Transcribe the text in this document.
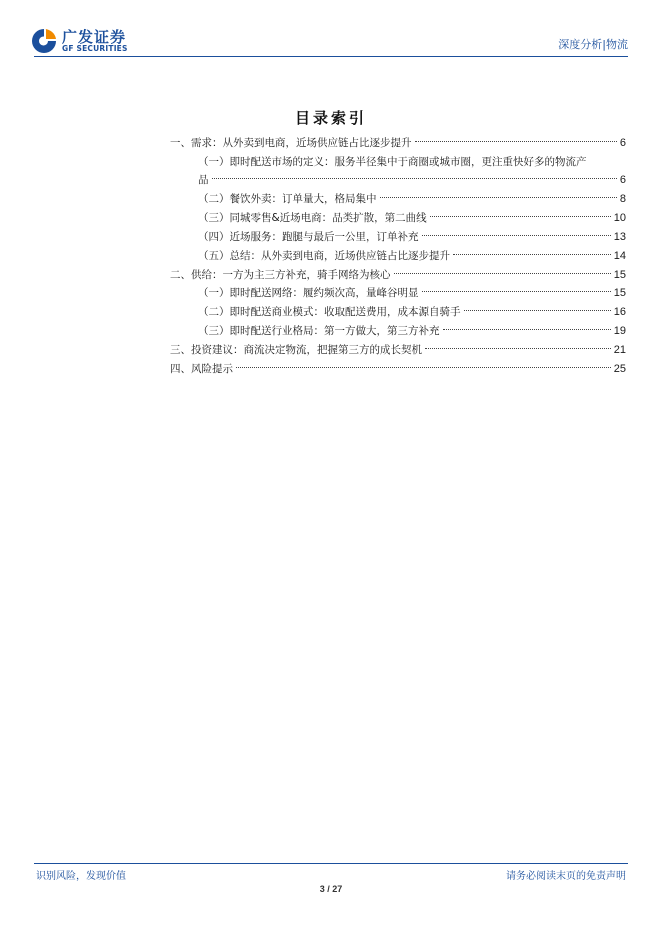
广发证券
GF SECURITIES	深度分析|物流
目录索引
一、需求：从外卖到电商，近场供应链占比逐步提升	6
（一）即时配送市场的定义：服务半径集中于商圈或城市圈，更注重快好多的物流产
品	6
（二）餐饮外卖：订单量大，格局集中	8
（三）同城零售&近场电商：品类扩散，第二曲线	10
（四）近场服务：跑腿与最后一公里，订单补充	13
（五）总结：从外卖到电商，近场供应链占比逐步提升	14
二、供给：一方为主三方补充，骑手网络为核心	15
（一）即时配送网络：履约频次高，量峰谷明显	15
（二）即时配送商业模式：收取配送费用，成本源自骑手	16
（三）即时配送行业格局：第一方做大，第三方补充	19
三、投资建议：商流决定物流，把握第三方的成长契机	21
四、风险提示	25
识别风险，发现价值	请务必阅读末页的免责声明
3 / 27
